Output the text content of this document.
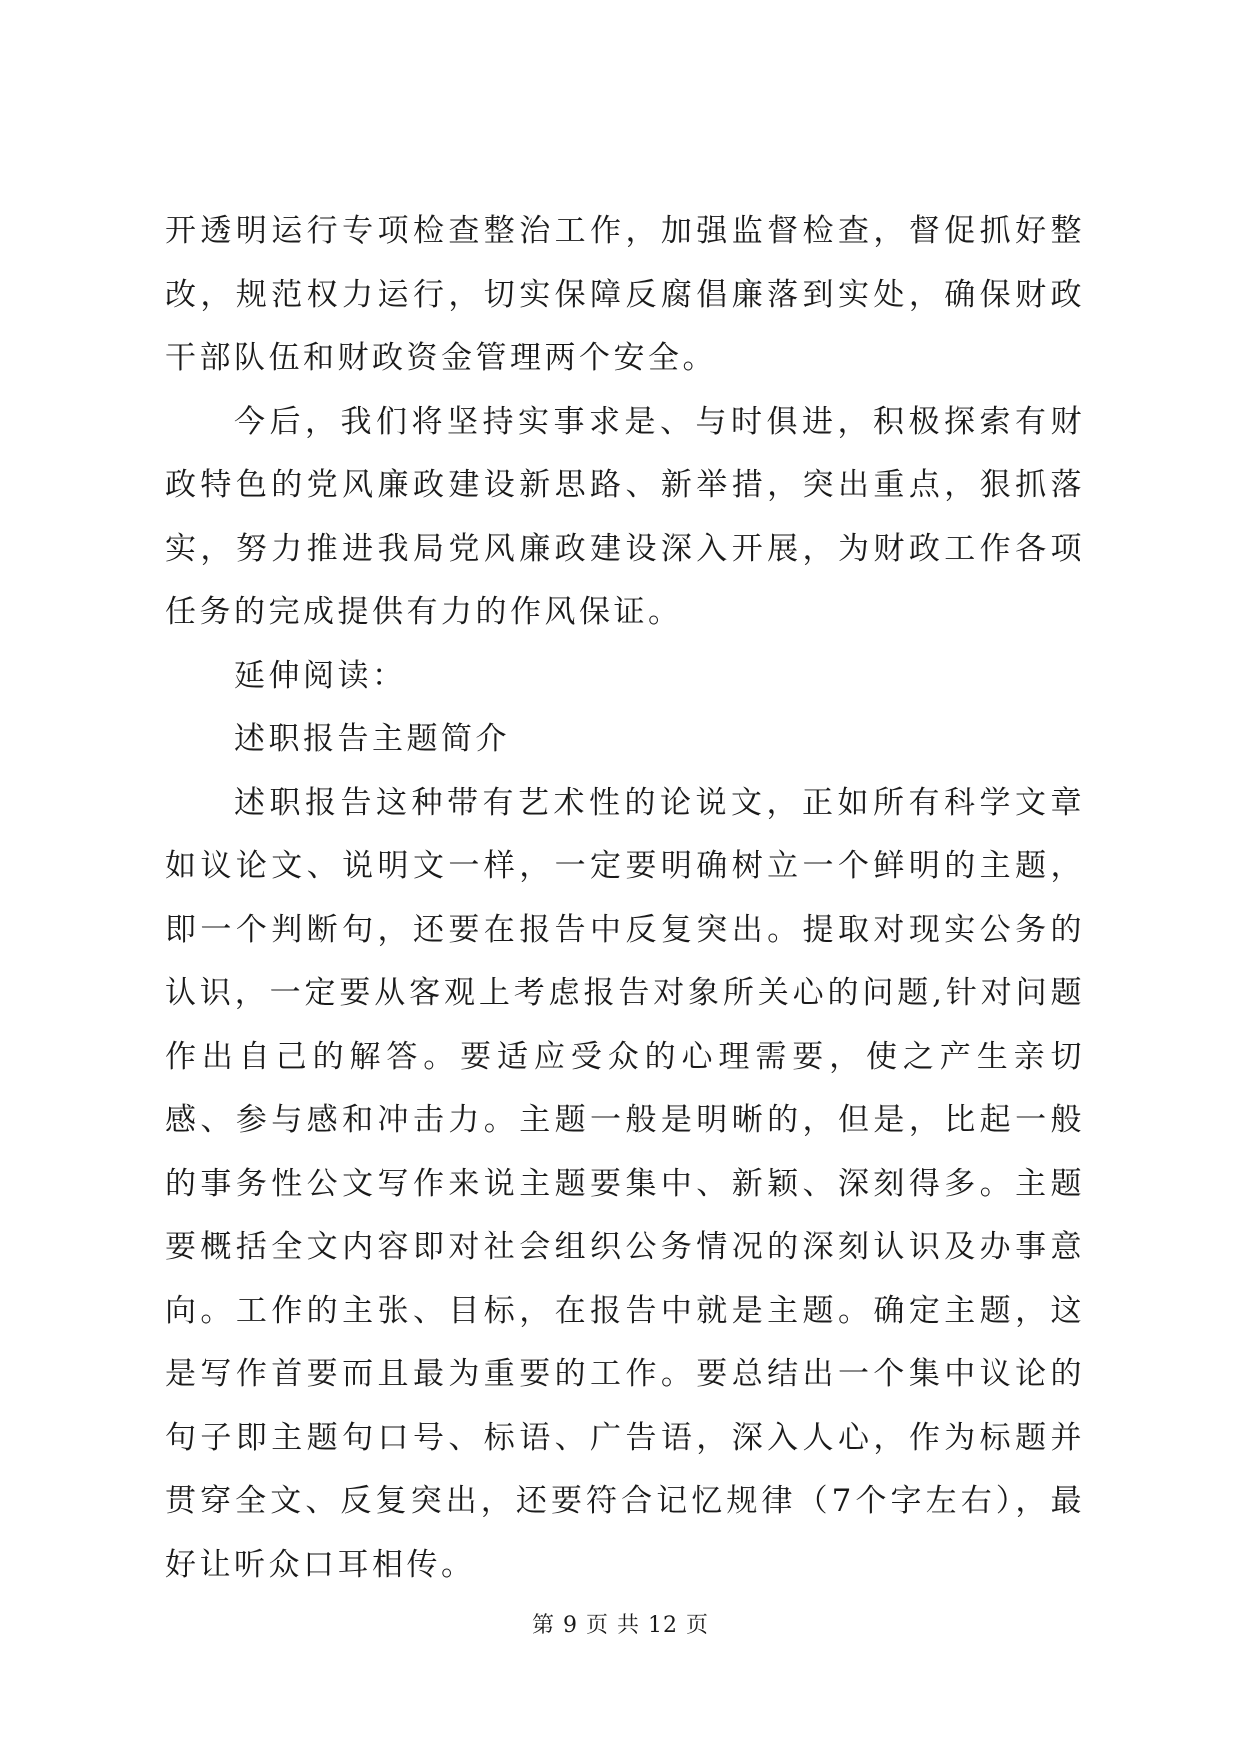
开透明运行专项检查整治工作，加强监督检查，督促抓好整改，规范权力运行，切实保障反腐倡廉落到实处，确保财政干部队伍和财政资金管理两个安全。

今后，我们将坚持实事求是、与时俱进，积极探索有财政特色的党风廉政建设新思路、新举措，突出重点，狠抓落实，努力推进我局党风廉政建设深入开展，为财政工作各项任务的完成提供有力的作风保证。

延伸阅读：

述职报告主题简介

述职报告这种带有艺术性的论说文，正如所有科学文章如议论文、说明文一样，一定要明确树立一个鲜明的主题，即一个判断句，还要在报告中反复突出。提取对现实公务的认识，一定要从客观上考虑报告对象所关心的问题,针对问题作出自己的解答。要适应受众的心理需要，使之产生亲切感、参与感和冲击力。主题一般是明晰的，但是，比起一般的事务性公文写作来说主题要集中、新颖、深刻得多。主题要概括全文内容即对社会组织公务情况的深刻认识及办事意向。工作的主张、目标，在报告中就是主题。确定主题，这是写作首要而且最为重要的工作。要总结出一个集中议论的句子即主题句口号、标语、广告语，深入人心，作为标题并贯穿全文、反复突出，还要符合记忆规律（7个字左右），最好让听众口耳相传。

第 9 页 共 12 页
